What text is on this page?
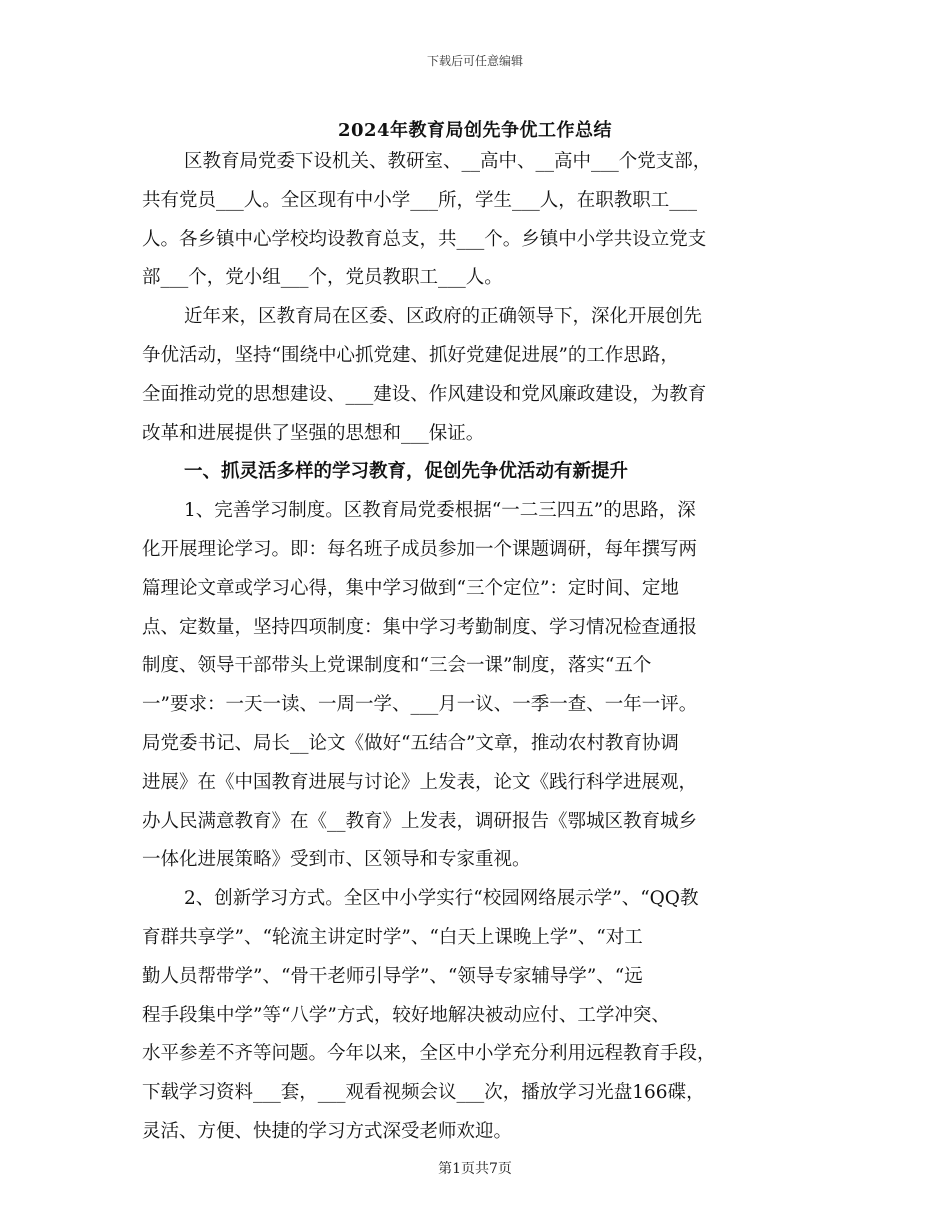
下载后可任意编辑
2024年教育局创先争优工作总结
区教育局党委下设机关、教研室、__高中、__高中___个党支部，
共有党员___人。全区现有中小学___所，学生___人，在职教职工___
人。各乡镇中心学校均设教育总支，共___个。乡镇中小学共设立党支
部___个，党小组___个，党员教职工___人。
近年来，区教育局在区委、区政府的正确领导下，深化开展创先
争优活动，坚持“围绕中心抓党建、抓好党建促进展”的工作思路，
全面推动党的思想建设、___建设、作风建设和党风廉政建设，为教育
改革和进展提供了坚强的思想和___保证。
一、抓灵活多样的学习教育，促创先争优活动有新提升
1、完善学习制度。区教育局党委根据“一二三四五”的思路，深
化开展理论学习。即：每名班子成员参加一个课题调研，每年撰写两
篇理论文章或学习心得，集中学习做到“三个定位”：定时间、定地
点、定数量，坚持四项制度：集中学习考勤制度、学习情况检查通报
制度、领导干部带头上党课制度和“三会一课”制度，落实“五个
一”要求：一天一读、一周一学、___月一议、一季一查、一年一评。
局党委书记、局长__论文《做好“五结合”文章，推动农村教育协调
进展》在《中国教育进展与讨论》上发表，论文《践行科学进展观，
办人民满意教育》在《__教育》上发表，调研报告《鄂城区教育城乡
一体化进展策略》受到市、区领导和专家重视。
2、创新学习方式。全区中小学实行“校园网络展示学”、“QQ教
育群共享学”、“轮流主讲定时学”、“白天上课晚上学”、“对工
勤人员帮带学”、“骨干老师引导学”、“领导专家辅导学”、“远
程手段集中学”等“八学”方式，较好地解决被动应付、工学冲突、
水平参差不齐等问题。今年以来，全区中小学充分利用远程教育手段，
下载学习资料___套，___观看视频会议___次，播放学习光盘166碟，
灵活、方便、快捷的学习方式深受老师欢迎。
第1页共7页
